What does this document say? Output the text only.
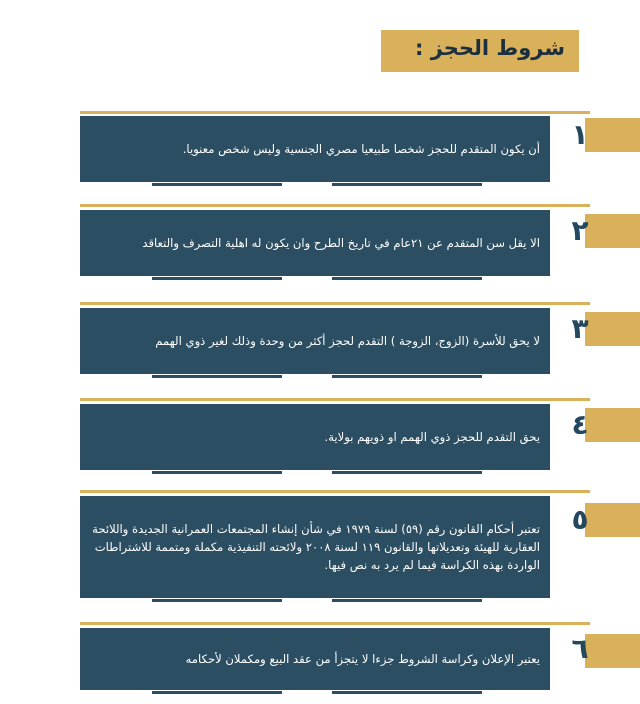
شروط الحجز :
١
أن يكون المتقدم للحجز شخصا طبيعيا مصري الجنسية وليس شخص معنويا.
٢
الا يقل سن المتقدم عن ٢١عام في تاريخ الطرح وان يكون له اهلية التصرف والتعاقد
٣
لا يحق للأسرة (الزوج، الزوجة ) التقدم لحجز أكثر من وحدة وذلك لغير ذوي الهمم
٤
يحق التقدم للحجز ذوي الهمم او ذويهم بولاية.
٥
تعتبر أحكام القانون رقم (٥٩) لسنة ١٩٧٩ في شأن إنشاء المجتمعات العمرانية الجديدة واللائحة العقارية للهيئة وتعديلاتها والقانون ١١٩ لسنة ٢٠٠٨ ولائحته التنفيذية مكملة ومتممة للاشتراطات الواردة بهذه الكراسة فيما لم يرد به نص فيها.
٦
يعتبر الإعلان وكراسة الشروط جزءا لا يتجزأ من عقد البيع ومكملان لأحكامه
